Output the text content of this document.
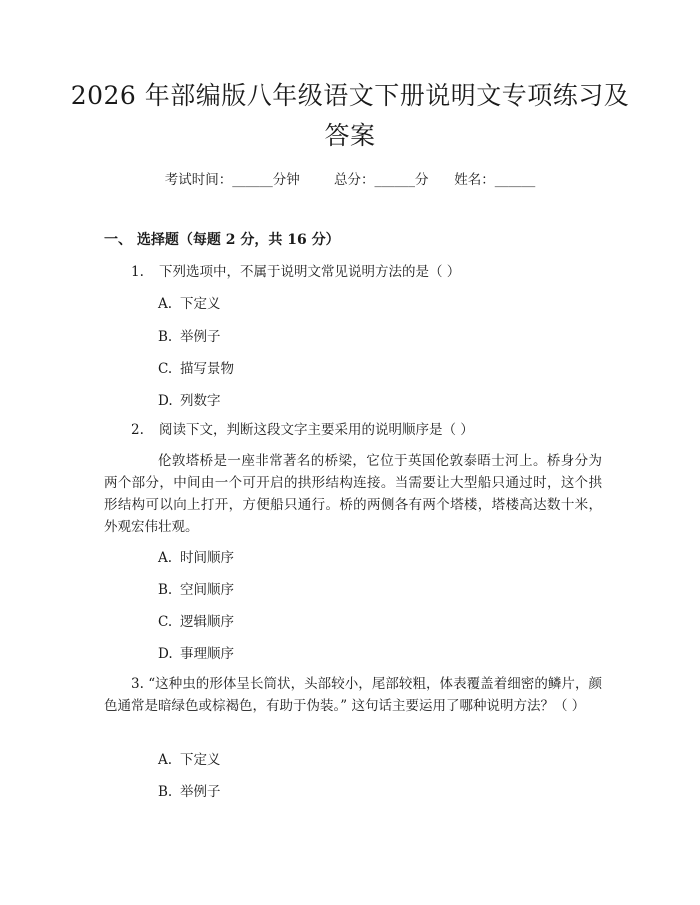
2026 年部编版八年级语文下册说明文专项练习及答案
考试时间：______分钟	总分：______分 姓名：______
一、 选择题（每题 2 分，共 16 分）
1. 下列选项中，不属于说明文常见说明方法的是（ ）
A. 下定义
B. 举例子
C. 描写景物
D. 列数字
2. 阅读下文，判断这段文字主要采用的说明顺序是（ ）
伦敦塔桥是一座非常著名的桥梁，它位于英国伦敦泰晤士河上。桥身分为两个部分，中间由一个可开启的拱形结构连接。当需要让大型船只通过时，这个拱形结构可以向上打开，方便船只通行。桥的两侧各有两个塔楼，塔楼高达数十米，外观宏伟壮观。
A. 时间顺序
B. 空间顺序
C. 逻辑顺序
D. 事理顺序
3. “这种虫的形体呈长筒状，头部较小，尾部较粗，体表覆盖着细密的鳞片，颜色通常是暗绿色或棕褐色，有助于伪装。” 这句话主要运用了哪种说明方法？（ ）
A. 下定义
B. 举例子
